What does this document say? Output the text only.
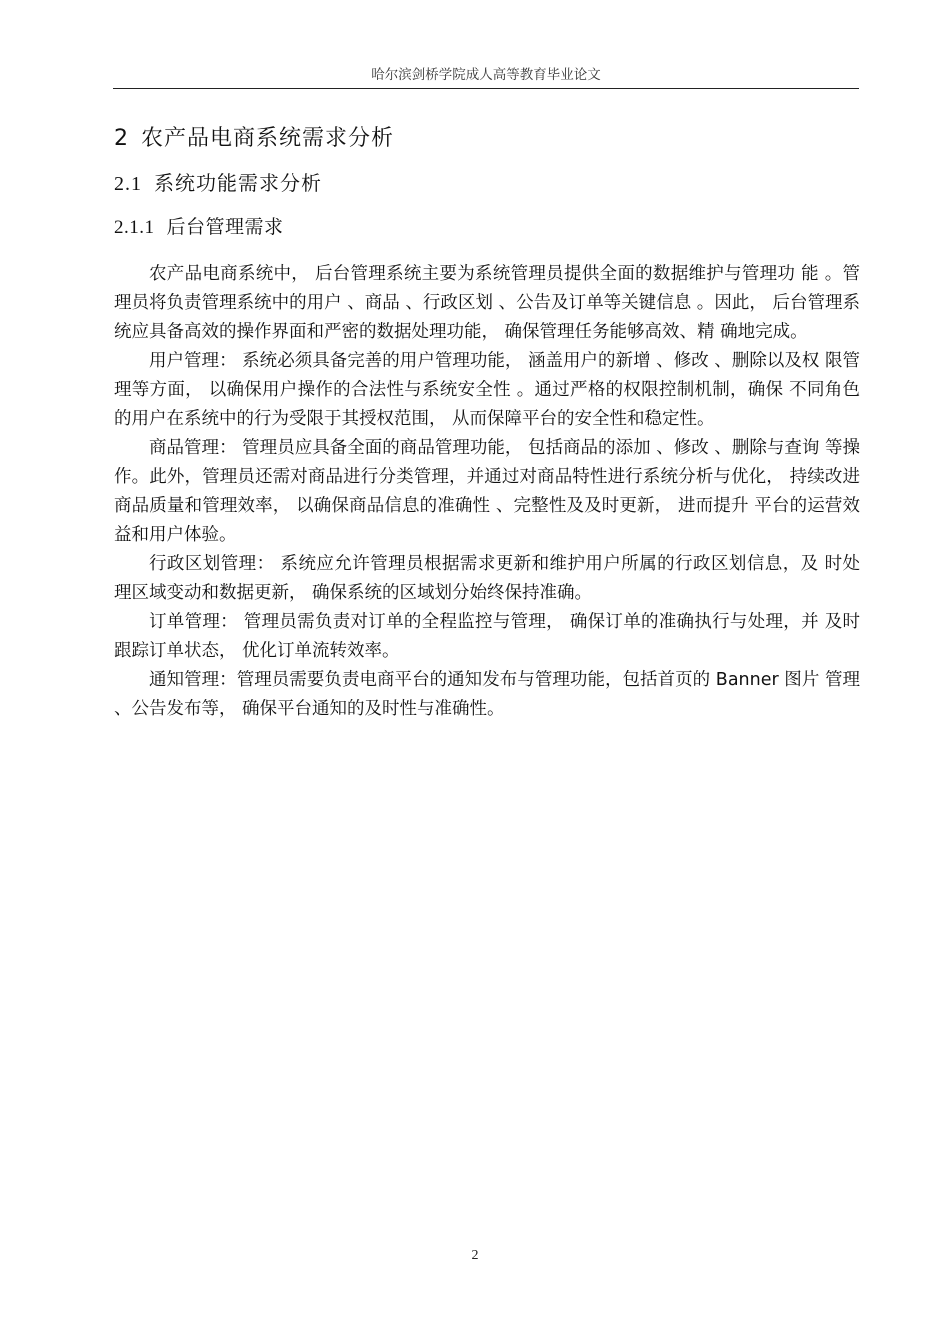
哈尔滨剑桥学院成人高等教育毕业论文
2 农产品电商系统需求分析
2.1 系统功能需求分析
2.1.1 后台管理需求

农产品电商系统中， 后台管理系统主要为系统管理员提供全面的数据维护与管理功 能 。管理员将负责管理系统中的用户 、商品 、行政区划 、公告及订单等关键信息 。因此， 后台管理系统应具备高效的操作界面和严密的数据处理功能， 确保管理任务能够高效、精 确地完成。

用户管理： 系统必须具备完善的用户管理功能， 涵盖用户的新增 、修改 、删除以及权 限管理等方面， 以确保用户操作的合法性与系统安全性 。通过严格的权限控制机制，确保 不同角色的用户在系统中的行为受限于其授权范围， 从而保障平台的安全性和稳定性。

商品管理： 管理员应具备全面的商品管理功能， 包括商品的添加 、修改 、删除与查询 等操作。此外，管理员还需对商品进行分类管理，并通过对商品特性进行系统分析与优化， 持续改进商品质量和管理效率， 以确保商品信息的准确性 、完整性及及时更新， 进而提升 平台的运营效益和用户体验。

行政区划管理： 系统应允许管理员根据需求更新和维护用户所属的行政区划信息，及 时处理区域变动和数据更新， 确保系统的区域划分始终保持准确。

订单管理： 管理员需负责对订单的全程监控与管理， 确保订单的准确执行与处理，并 及时跟踪订单状态， 优化订单流转效率。

通知管理：管理员需要负责电商平台的通知发布与管理功能，包括首页的 Banner 图片 管理 、公告发布等， 确保平台通知的及时性与准确性。

2
